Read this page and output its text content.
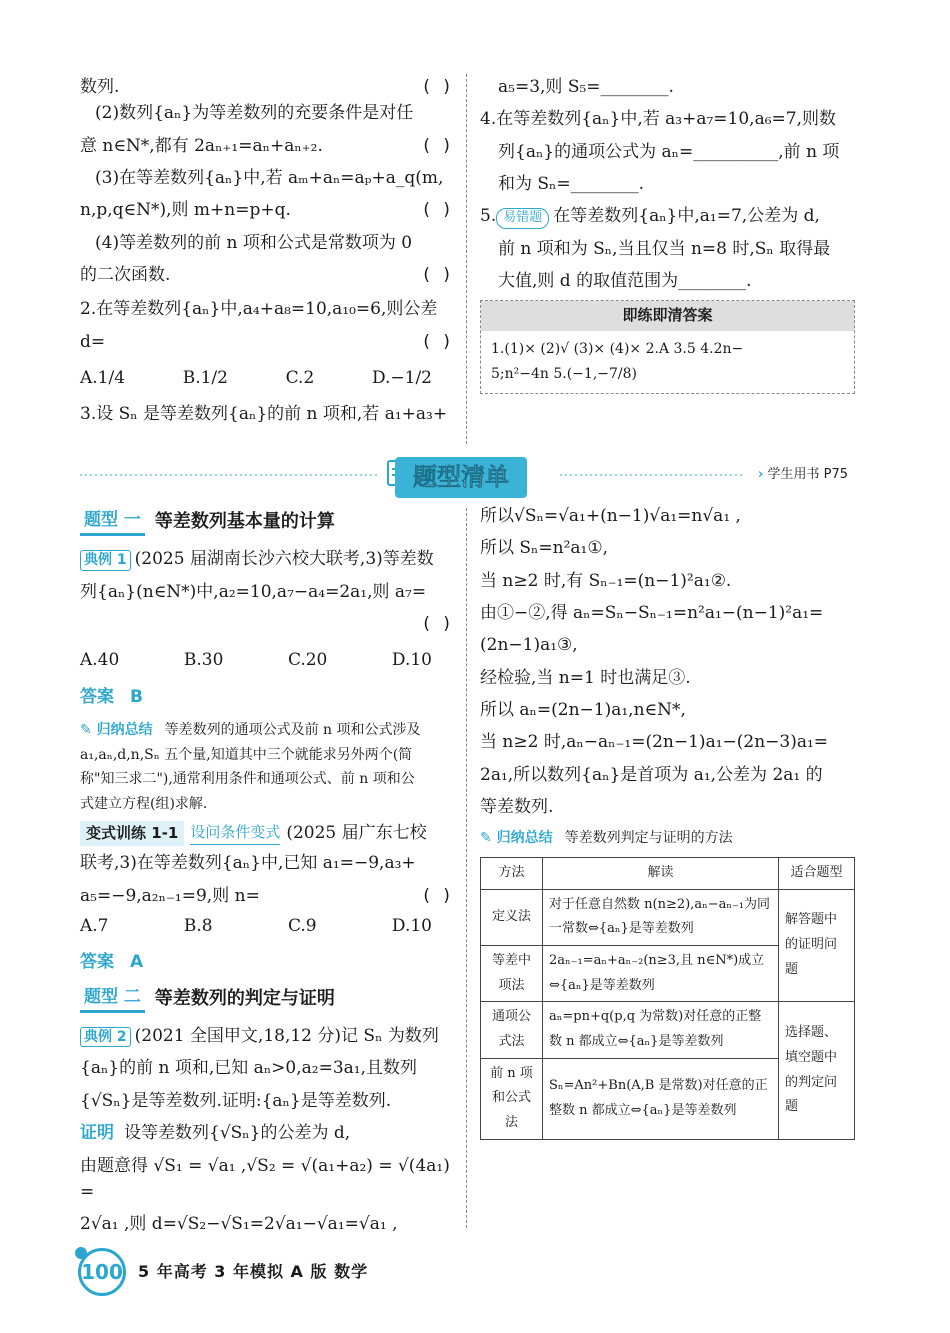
数列.	( )

(2)数列{aₙ}为等差数列的充要条件是对任

意 n∈N*,都有 2aₙ₊₁=aₙ+aₙ₊₂.	( )

(3)在等差数列{aₙ}中,若 aₘ+aₙ=aₚ+a_q(m,

n,p,q∈N*),则 m+n=p+q.	( )

(4)等差数列的前 n 项和公式是常数项为 0

的二次函数.	( )

2.在等差数列{aₙ}中,a₄+a₈=10,a₁₀=6,则公差

d=	( )
A.1/4	B.1/2	C.2	D.−1/2

3.设 Sₙ 是等差数列{aₙ}的前 n 项和,若 a₁+a₃+

a₅=3,则 S₅=________.

4.在等差数列{aₙ}中,若 a₃+a₇=10,a₆=7,则数

列{aₙ}的通项公式为 aₙ=__________,前 n 项

和为 Sₙ=________.

5. 易错题 在等差数列{aₙ}中,a₁=7,公差为 d,

前 n 项和为 Sₙ,当且仅当 n=8 时,Sₙ 取得最

大值,则 d 的取值范围为________.

即练即清答案
1.(1)× (2)√ (3)× (4)× 2.A 3.5 4.2n−
5;n²−4n 5.(−1,−7/8)
题型清单	› 学生用书 P75
题型 一 等差数列基本量的计算

典例 1 (2025 届湖南长沙六校大联考,3)等差数

列{aₙ}(n∈N*)中,a₂=10,a₇−a₄=2a₁,则 a₇=

( )
A.40	B.30	C.20	D.10
答案 B
✎ 归纳总结 等差数列的通项公式及前 n 项和公式涉及
a₁,aₙ,d,n,Sₙ 五个量,知道其中三个就能求另外两个(简
称"知三求二"),通常利用条件和通项公式、前 n 项和公
式建立方程(组)求解.
变式训练 1-1 设问条件变式 (2025 届广东七校

联考,3)在等差数列{aₙ}中,已知 a₁=−9,a₃+

a₅=−9,a₂ₙ₋₁=9,则 n=	( )
A.7	B.8	C.9	D.10
答案 A
题型 二 等差数列的判定与证明

典例 2 (2021 全国甲文,18,12 分)记 Sₙ 为数列

{aₙ}的前 n 项和,已知 aₙ>0,a₂=3a₁,且数列

{√Sₙ}是等差数列.证明:{aₙ}是等差数列.

证明 设等差数列{√Sₙ}的公差为 d,

由题意得 √S₁ = √a₁ ,√S₂ = √(a₁+a₂) = √(4a₁) =

2√a₁ ,则 d=√S₂−√S₁=2√a₁−√a₁=√a₁ ,

所以√Sₙ=√a₁+(n−1)√a₁=n√a₁ ,

所以 Sₙ=n²a₁①,

当 n≥2 时,有 Sₙ₋₁=(n−1)²a₁②.

由①−②,得 aₙ=Sₙ−Sₙ₋₁=n²a₁−(n−1)²a₁=

(2n−1)a₁③,

经检验,当 n=1 时也满足③.

所以 aₙ=(2n−1)a₁,n∈N*,

当 n≥2 时,aₙ−aₙ₋₁=(2n−1)a₁−(2n−3)a₁=

2a₁,所以数列{aₙ}是首项为 a₁,公差为 2a₁ 的

等差数列.

✎ 归纳总结 等差数列判定与证明的方法
方法	解读	适合题型
定义法	对于任意自然数 n(n≥2),aₙ−aₙ₋₁为同一常数⇔{aₙ}是等差数列	解答题中的证明问题
等差中项法	2aₙ₋₁=aₙ+aₙ₋₂(n≥3,且 n∈N*)成立⇔{aₙ}是等差数列	
通项公式法	aₙ=pn+q(p,q 为常数)对任意的正整数 n 都成立⇔{aₙ}是等差数列	选择题、填空题中的判定问题
前 n 项和公式法	Sₙ=An²+Bn(A,B 是常数)对任意的正整数 n 都成立⇔{aₙ}是等差数列	
100 5 年高考 3 年模拟 A 版 数学
